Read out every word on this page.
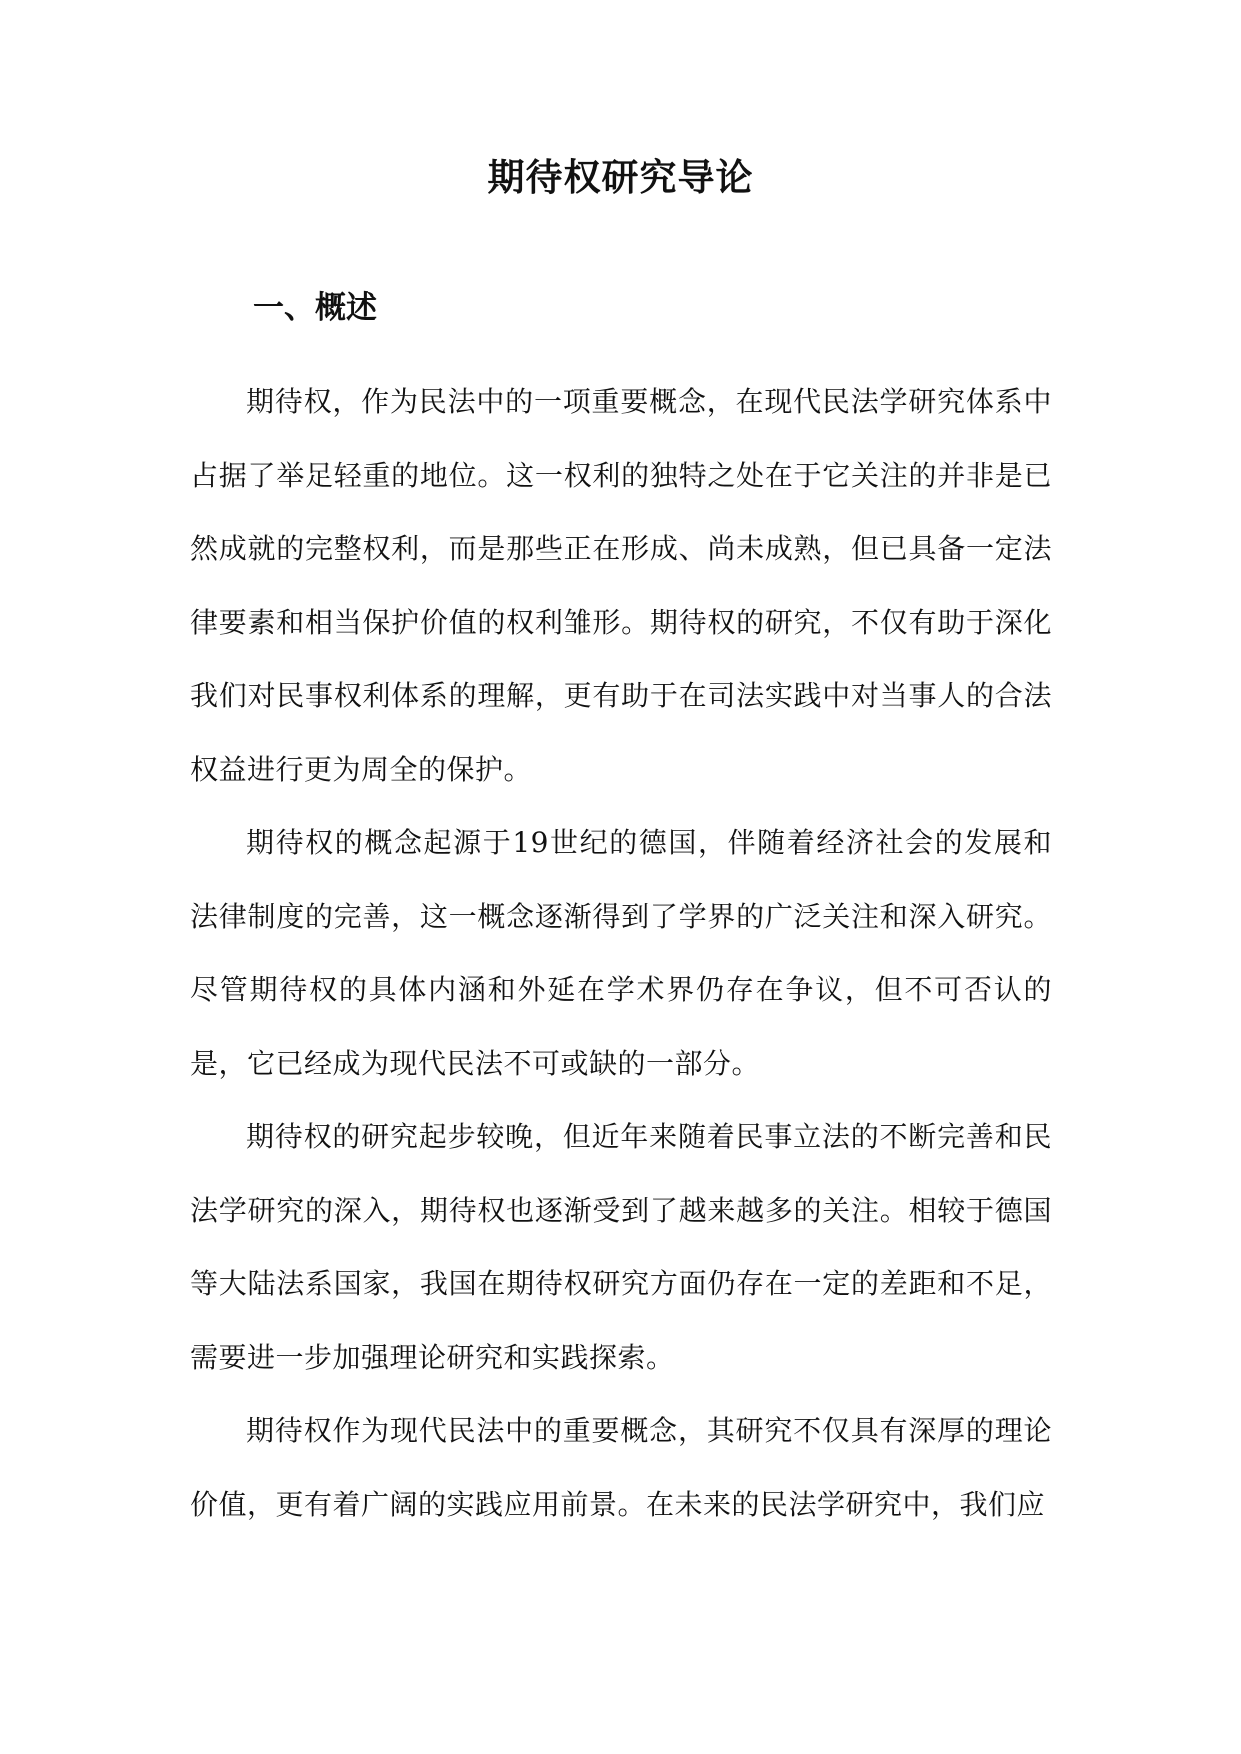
期待权研究导论
一、概述

期待权，作为民法中的一项重要概念，在现代民法学研究体系中占据了举足轻重的地位。这一权利的独特之处在于它关注的并非是已然成就的完整权利，而是那些正在形成、尚未成熟，但已具备一定法律要素和相当保护价值的权利雏形。期待权的研究，不仅有助于深化我们对民事权利体系的理解，更有助于在司法实践中对当事人的合法权益进行更为周全的保护。

期待权的概念起源于19世纪的德国，伴随着经济社会的发展和法律制度的完善，这一概念逐渐得到了学界的广泛关注和深入研究。尽管期待权的具体内涵和外延在学术界仍存在争议，但不可否认的是，它已经成为现代民法不可或缺的一部分。

期待权的研究起步较晚，但近年来随着民事立法的不断完善和民法学研究的深入，期待权也逐渐受到了越来越多的关注。相较于德国等大陆法系国家，我国在期待权研究方面仍存在一定的差距和不足，需要进一步加强理论研究和实践探索。

期待权作为现代民法中的重要概念，其研究不仅具有深厚的理论价值，更有着广阔的实践应用前景。在未来的民法学研究中，我们应
